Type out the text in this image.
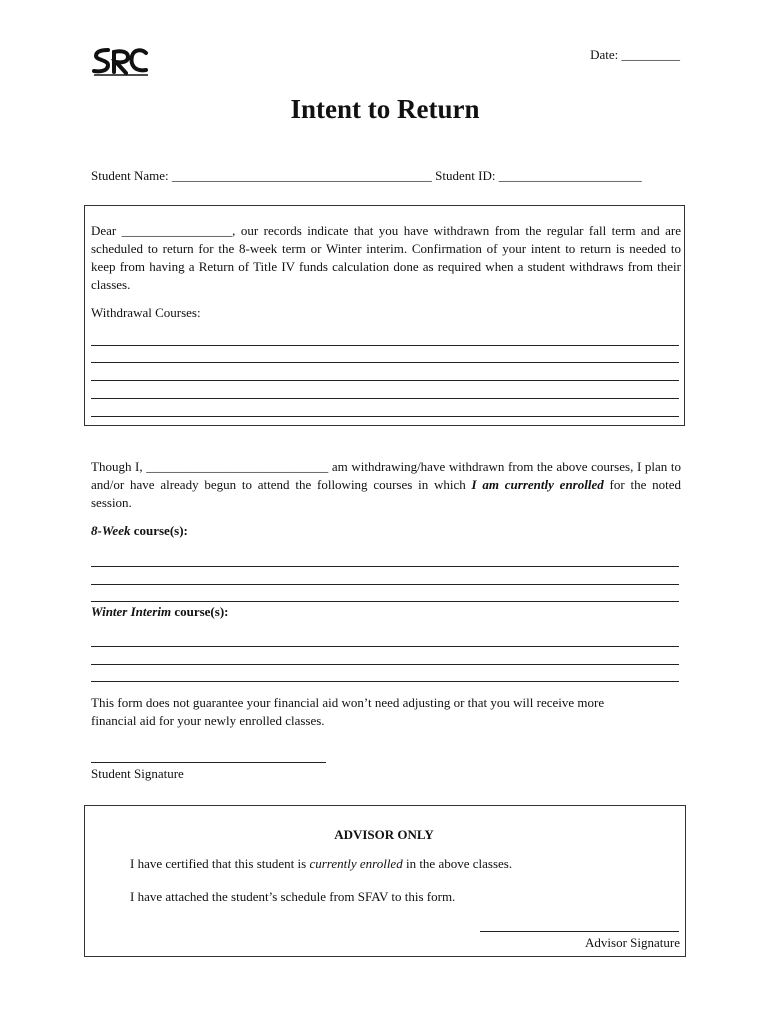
Date: _________
Intent to Return
Student Name: ________________________________________ Student ID: ______________________
Dear _________________, our records indicate that you have withdrawn from the regular fall term and are scheduled to return for the 8-week term or Winter interim. Confirmation of your intent to return is needed to keep from having a Return of Title IV funds calculation done as required when a student withdraws from their classes.
Withdrawal Courses:
Though I, ____________________________ am withdrawing/have withdrawn from the above courses, I plan to and/or have already begun to attend the following courses in which I am currently enrolled for the noted session.
8-Week course(s):
Winter Interim course(s):
This form does not guarantee your financial aid won’t need adjusting or that you will receive more financial aid for your newly enrolled classes.
Student Signature
ADVISOR ONLY
I have certified that this student is currently enrolled in the above classes.
I have attached the student’s schedule from SFAV to this form.
Advisor Signature
